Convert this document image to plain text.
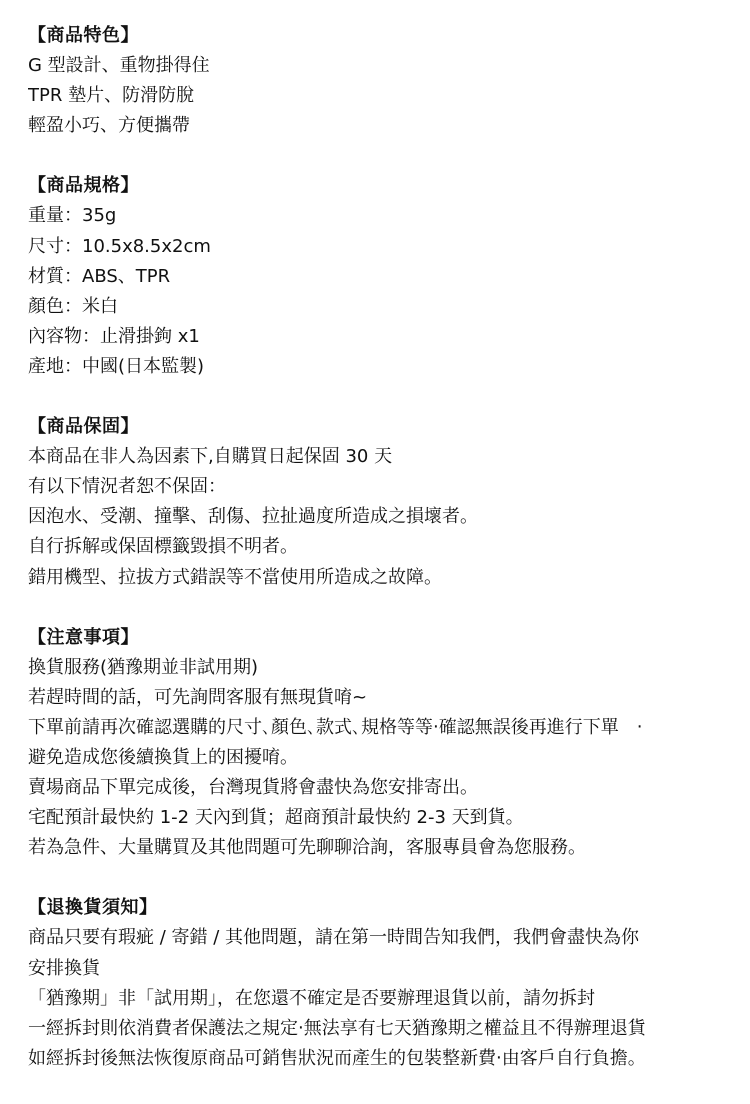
【商品特色】
G 型設計、重物掛得住
TPR 墊片、防滑防脫
輕盈小巧、方便攜帶
【商品規格】
重量：35g
尺寸：10.5x8.5x2cm
材質：ABS、TPR
顏色：米白
內容物：止滑掛鉤 x1
產地：中國(日本監製)
【商品保固】
本商品在非人為因素下,自購買日起保固 30 天
有以下情況者恕不保固：
因泡水、受潮、撞擊、刮傷、拉扯過度所造成之損壞者。
自行拆解或保固標籤毀損不明者。
錯用機型、拉拔方式錯誤等不當使用所造成之故障。
【注意事項】
換貨服務(猶豫期並非試用期)
若趕時間的話，可先詢問客服有無現貨唷~
下單前請再次確認選購的尺寸､顏色､款式､規格等等‧確認無誤後再進行下單　‧
避免造成您後續換貨上的困擾唷。
賣場商品下單完成後，台灣現貨將會盡快為您安排寄出。
宅配預計最快約 1-2 天內到貨；超商預計最快約 2-3 天到貨。
若為急件、大量購買及其他問題可先聊聊洽詢，客服專員會為您服務。
【退換貨須知】
商品只要有瑕疵 / 寄錯 / 其他問題，請在第一時間告知我們，我們會盡快為你
安排換貨
「猶豫期」非「試用期」，在您還不確定是否要辦理退貨以前，請勿拆封
一經拆封則依消費者保護法之規定‧無法享有七天猶豫期之權益且不得辦理退貨
如經拆封後無法恢復原商品可銷售狀況而產生的包裝整新費‧由客戶自行負擔。
